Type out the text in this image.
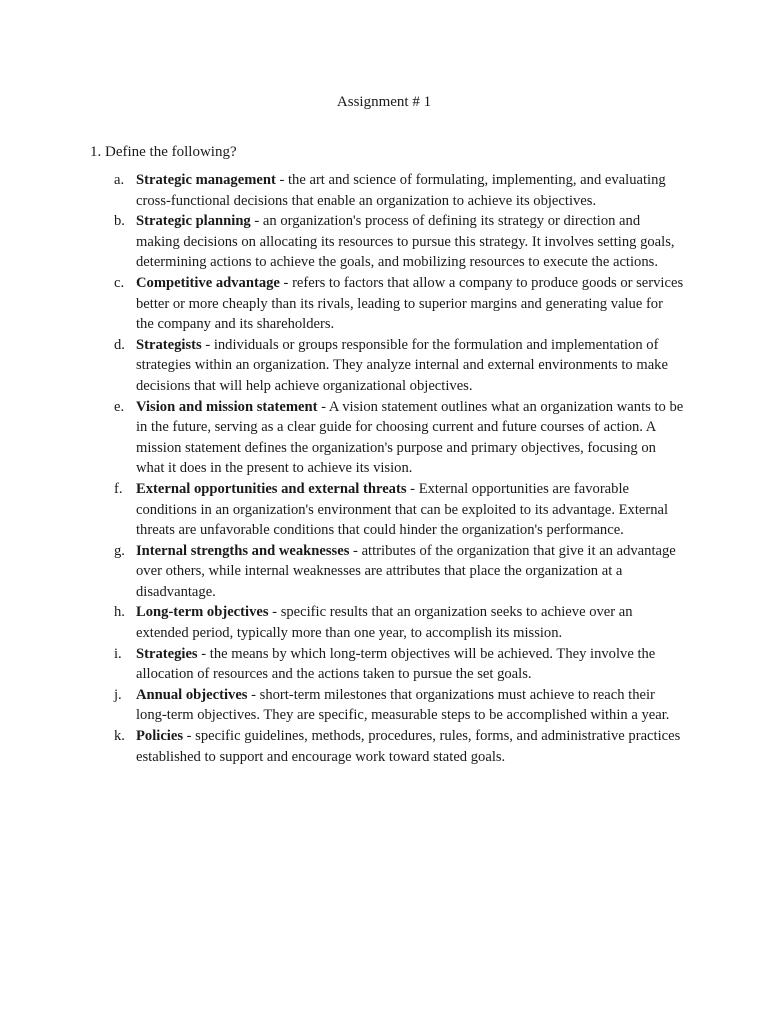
Assignment # 1
1. Define the following?
a. Strategic management - the art and science of formulating, implementing, and evaluating cross-functional decisions that enable an organization to achieve its objectives.
b. Strategic planning - an organization's process of defining its strategy or direction and making decisions on allocating its resources to pursue this strategy. It involves setting goals, determining actions to achieve the goals, and mobilizing resources to execute the actions.
c. Competitive advantage - refers to factors that allow a company to produce goods or services better or more cheaply than its rivals, leading to superior margins and generating value for the company and its shareholders.
d. Strategists - individuals or groups responsible for the formulation and implementation of strategies within an organization. They analyze internal and external environments to make decisions that will help achieve organizational objectives.
e. Vision and mission statement - A vision statement outlines what an organization wants to be in the future, serving as a clear guide for choosing current and future courses of action. A mission statement defines the organization's purpose and primary objectives, focusing on what it does in the present to achieve its vision.
f. External opportunities and external threats - External opportunities are favorable conditions in an organization's environment that can be exploited to its advantage. External threats are unfavorable conditions that could hinder the organization's performance.
g. Internal strengths and weaknesses - attributes of the organization that give it an advantage over others, while internal weaknesses are attributes that place the organization at a disadvantage.
h. Long-term objectives - specific results that an organization seeks to achieve over an extended period, typically more than one year, to accomplish its mission.
i. Strategies - the means by which long-term objectives will be achieved. They involve the allocation of resources and the actions taken to pursue the set goals.
j. Annual objectives - short-term milestones that organizations must achieve to reach their long-term objectives. They are specific, measurable steps to be accomplished within a year.
k. Policies - specific guidelines, methods, procedures, rules, forms, and administrative practices established to support and encourage work toward stated goals.
